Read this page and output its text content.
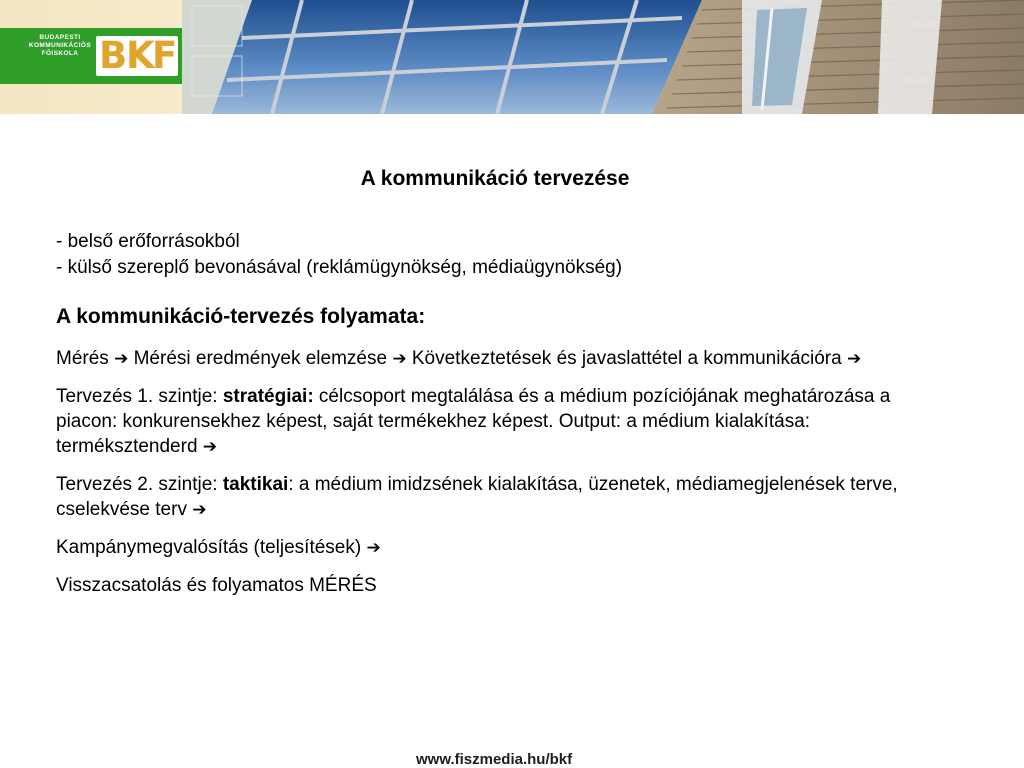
BUDAPESTI KOMMUNIKÁCIÓS FŐISKOLA B
K
F
A kommunikáció tervezése
- belső erőforrásokból
- külső szereplő bevonásával (reklámügynökség, médiaügynökség)
A kommunikáció-tervezés folyamata:

Mérés ➔ Mérési eredmények elemzése ➔ Következtetések és javaslattétel a kommunikációra ➔

Tervezés 1. szintje: stratégiai: célcsoport megtalálása és a médium pozíciójának meghatározása a piacon: konkurensekhez képest, saját termékekhez képest. Output: a médium kialakítása: terméksztenderd ➔

Tervezés 2. szintje: taktikai: a médium imidzsének kialakítása, üzenetek, médiamegjelenések terve, cselekvése terv ➔

Kampánymegvalósítás (teljesítések) ➔

Visszacsatolás és folyamatos MÉRÉS

www.fiszmedia.hu/bkf
